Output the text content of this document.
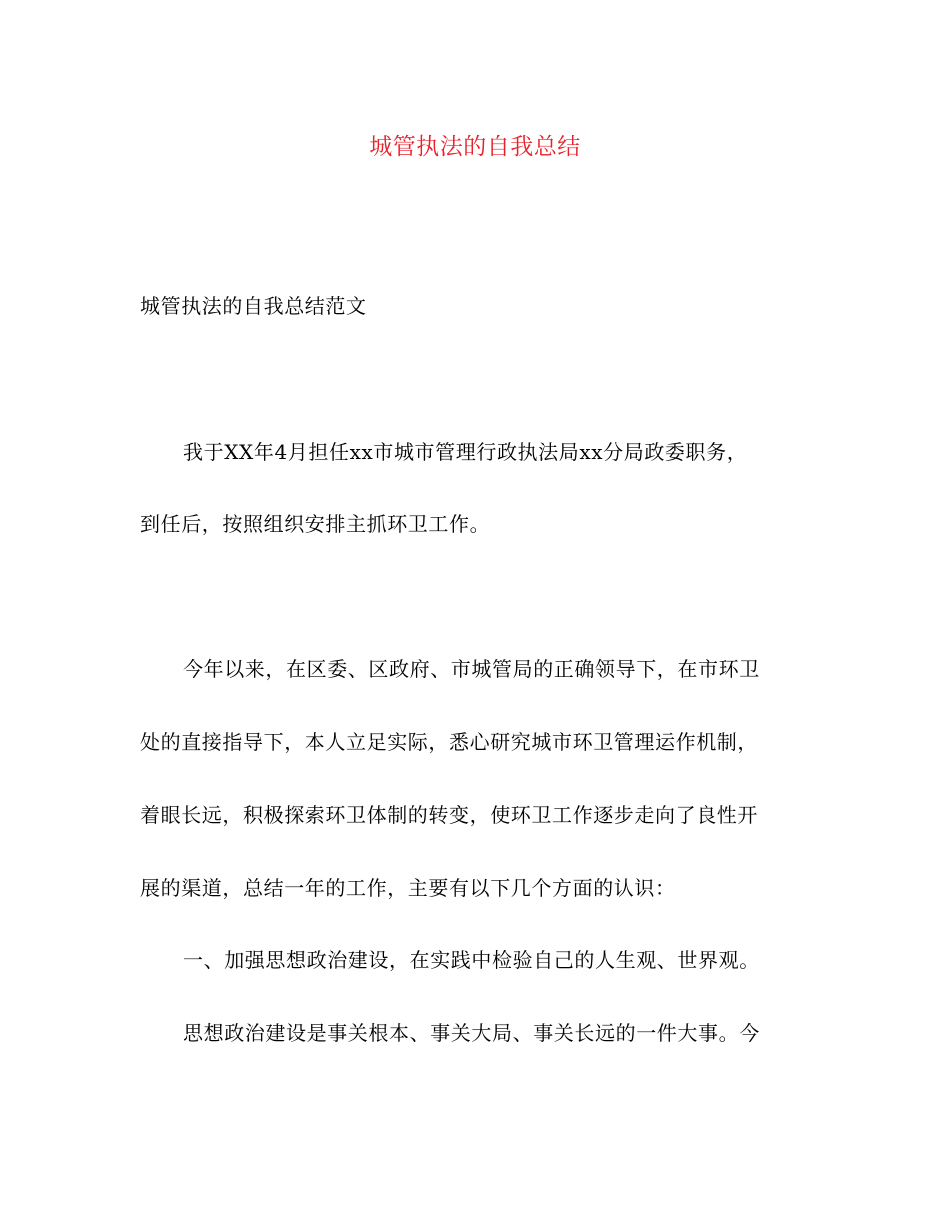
城管执法的自我总结
城管执法的自我总结范文
我于XX年4月担任xx市城市管理行政执法局xx分局政委职务，
到任后，按照组织安排主抓环卫工作。
今年以来，在区委、区政府、市城管局的正确领导下，在市环卫
处的直接指导下，本人立足实际，悉心研究城市环卫管理运作机制，
着眼长远，积极探索环卫体制的转变，使环卫工作逐步走向了良性开
展的渠道，总结一年的工作，主要有以下几个方面的认识：
一、加强思想政治建设，在实践中检验自己的人生观、世界观。
思想政治建设是事关根本、事关大局、事关长远的一件大事。今
